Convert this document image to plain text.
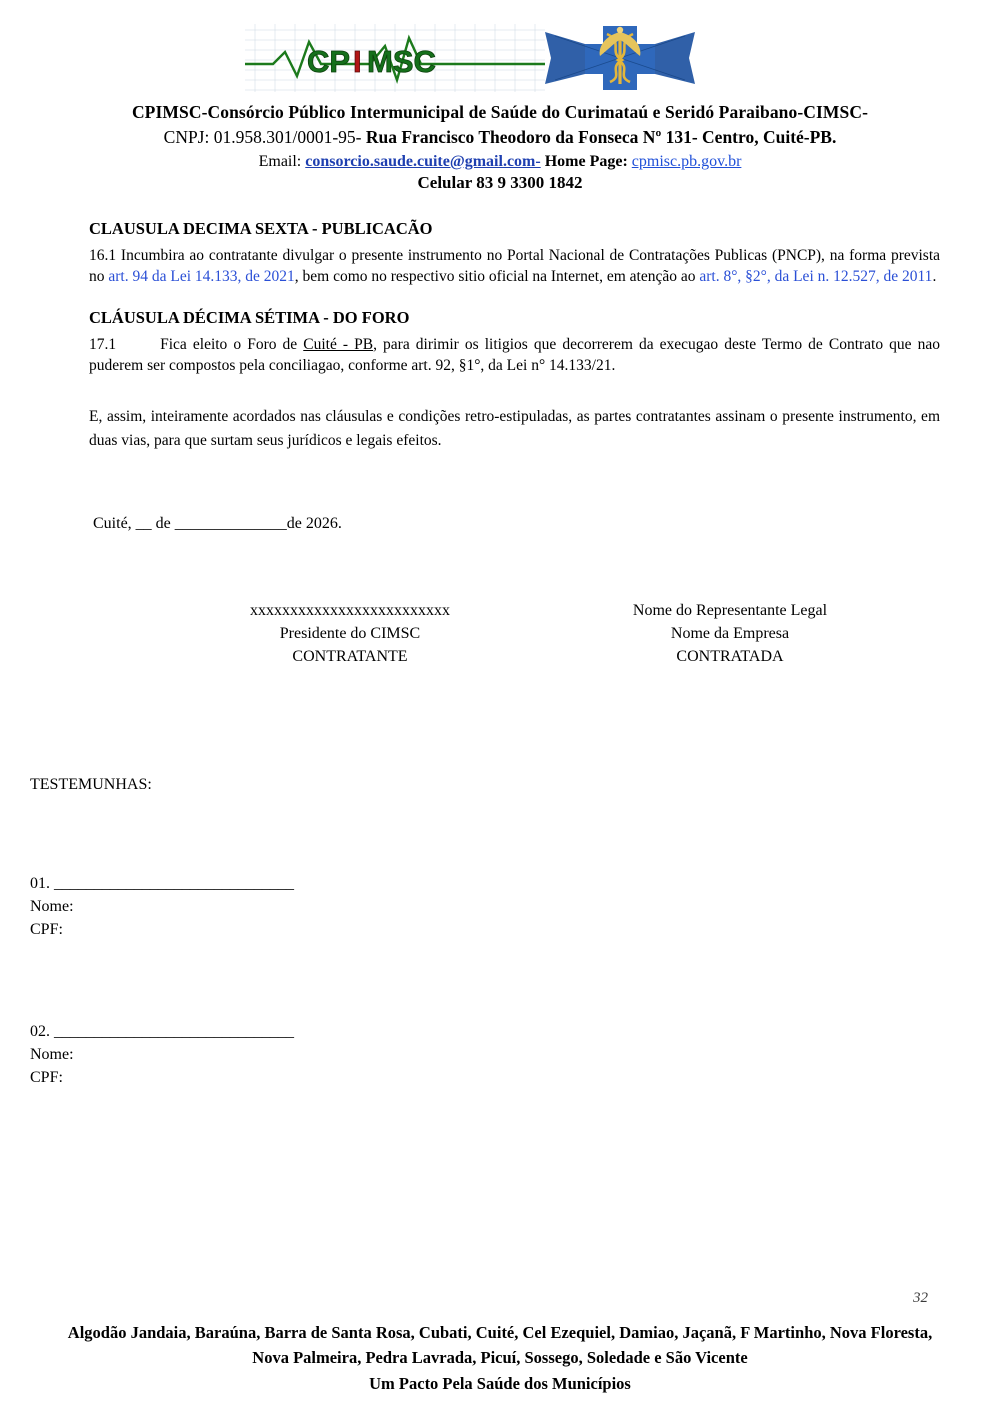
CP I MSC
CPIMSC-Consórcio Público Intermunicipal de Saúde do Curimataú e Seridó Paraibano-CIMSC-
CNPJ: 01.958.301/0001-95- Rua Francisco Theodoro da Fonseca Nº 131- Centro, Cuité-PB.
Email: consorcio.saude.cuite@gmail.com- Home Page: cpmisc.pb.gov.br
Celular 83 9 3300 1842
CLAUSULA DECIMA SEXTA - PUBLICACÃO

16.1 Incumbira ao contratante divulgar o presente instrumento no Portal Nacional de Contratações Publicas (PNCP), na forma prevista no art. 94 da Lei 14.133, de 2021, bem como no respectivo sitio oficial na Internet, em atenção ao art. 8°, §2°, da Lei n. 12.527, de 2011.

CLÁUSULA DÉCIMA SÉTIMA - DO FORO

17.1	Fica eleito o Foro de Cuité - PB, para dirimir os litigios que decorrerem da execugao deste Termo de Contrato que nao puderem ser compostos pela conciliagao, conforme art. 92, §1°, da Lei n° 14.133/21.

E, assim, inteiramente acordados nas cláusulas e condições retro-estipuladas, as partes contratantes assinam o presente instrumento, em duas vias, para que surtam seus jurídicos e legais efeitos.

Cuité, __ de ______________de 2026.
xxxxxxxxxxxxxxxxxxxxxxxxx
Presidente do CIMSC
CONTRATANTE
Nome do Representante Legal
Nome da Empresa
CONTRATADA
TESTEMUNHAS:
01. ______________________________
Nome:
CPF:
02. ______________________________
Nome:
CPF:
32
Algodão Jandaia, Baraúna, Barra de Santa Rosa, Cubati, Cuité, Cel Ezequiel, Damiao, Jaçanã, F Martinho, Nova Floresta, Nova Palmeira, Pedra Lavrada, Picuí, Sossego, Soledade e São Vicente
Um Pacto Pela Saúde dos Municípios
